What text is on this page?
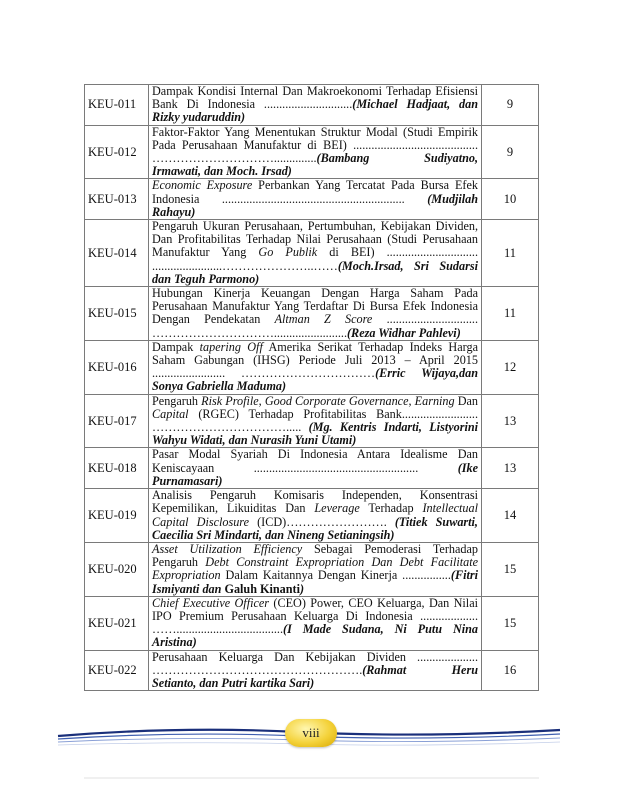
KEU-011	Dampak Kondisi Internal Dan Makroekonomi Terhadap Efisiensi Bank Di Indonesia .............................(Michael Hadjaat, dan Rizky yudaruddin)	9
KEU-012	Faktor-Faktor Yang Menentukan Struktur Modal (Studi Empirik Pada Perusahaan Manufaktur di BEI) ......................................... …………………………..............(Bambang Sudiyatno, Irmawati, dan Moch. Irsad)	9
KEU-013	Economic Exposure Perbankan Yang Tercatat Pada Bursa Efek Indonesia ............................................................ (Mudjilah Rahayu)	10
KEU-014	Pengaruh Ukuran Perusahaan, Pertumbuhan, Kebijakan Dividen, Dan Profitabilitas Terhadap Nilai Perusahaan (Studi Perusahaan Manufaktur Yang Go Publik di BEI) .............................. .......................…………………..……(Moch.Irsad, Sri Sudarsi dan Teguh Parmono)	11
KEU-015	Hubungan Kinerja Keuangan Dengan Harga Saham Pada Perusahaan Manufaktur Yang Terdaftar Di Bursa Efek Indonesia Dengan Pendekatan Altman Z Score .............................. …………………………........................(Reza Widhar Pahlevi)	11
KEU-016	Dampak tapering Off Amerika Serikat Terhadap Indeks Harga Saham Gabungan (IHSG) Periode Juli 2013 – April 2015 ........................ ……………………………(Erric Wijaya,dan Sonya Gabriella Maduma)	12
KEU-017	Pengaruh Risk Profile, Good Corporate Governance, Earning Dan Capital (RGEC) Terhadap Profitabilitas Bank......................... ……………………………..... (Mg. Kentris Indarti, Listyorini Wahyu Widati, dan Nurasih Yuni Utami)	13
KEU-018	Pasar Modal Syariah Di Indonesia Antara Idealisme Dan Keniscayaan ...................................................... (Ike Purnamasari)	13
KEU-019	Analisis Pengaruh Komisaris Independen, Konsentrasi Kepemilikan, Likuiditas Dan Leverage Terhadap Intellectual Capital Disclosure (ICD)……………………. (Titiek Suwarti, Caecilia Sri Mindarti, dan Nineng Setianingsih)	14
KEU-020	Asset Utilization Efficiency Sebagai Pemoderasi Terhadap Pengaruh Debt Constraint Expropriation Dan Debt Facilitate Expropriation Dalam Kaitannya Dengan Kinerja ................(Fitri Ismiyanti dan Galuh Kinanti)	15
KEU-021	Chief Executive Officer (CEO) Power, CEO Keluarga, Dan Nilai IPO Premium Perusahaan Keluarga Di Indonesia ................... ……...................................(I Made Sudana, Ni Putu Nina Aristina)	15
KEU-022	Perusahaan Keluarga Dan Kebijakan Dividen .................... …………………………………………….(Rahmat Heru Setianto, dan Putri kartika Sari)	16
viii
